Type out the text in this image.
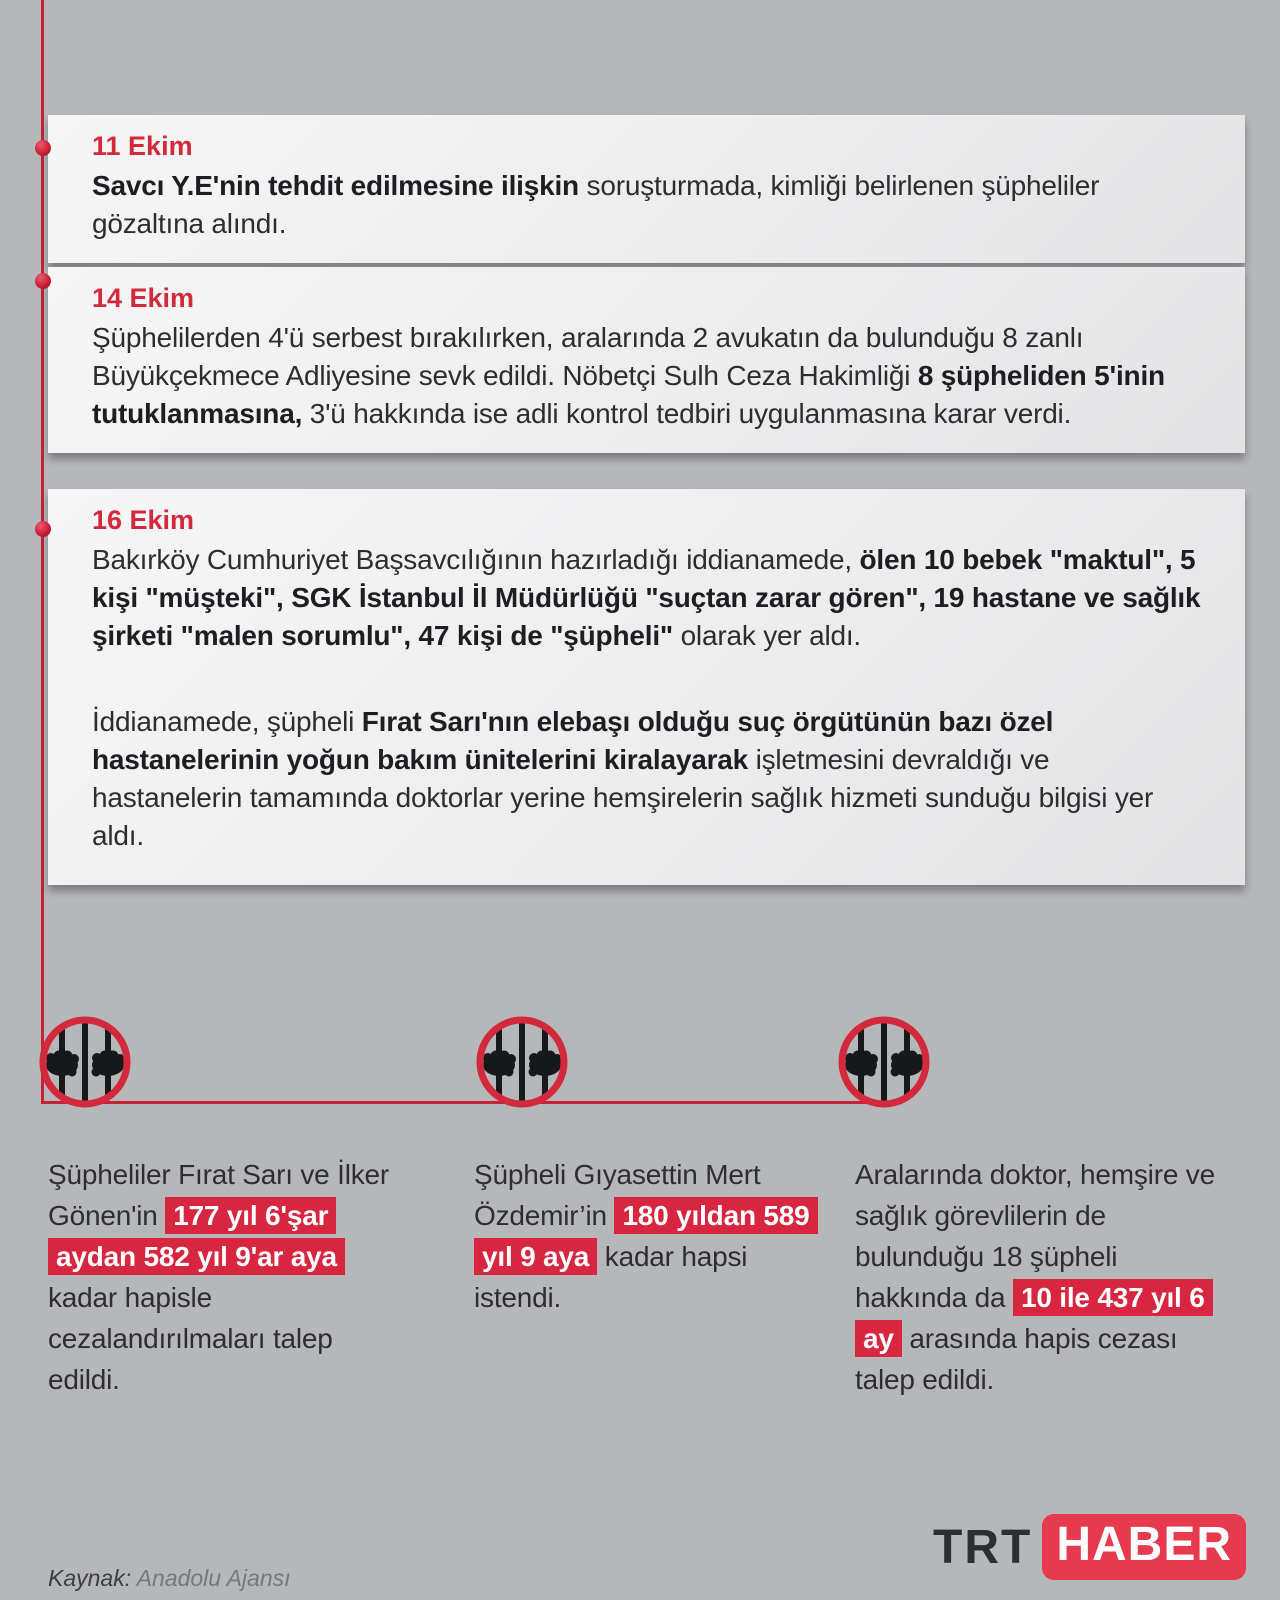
11 Ekim

Savcı Y.E'nin tehdit edilmesine ilişkin soruşturmada, kimliği belirlenen şüpheliler gözaltına alındı.

14 Ekim

Şüphelilerden 4'ü serbest bırakılırken, aralarında 2 avukatın da bulunduğu 8 zanlı Büyükçekmece Adliyesine sevk edildi. Nöbetçi Sulh Ceza Hakimliği 8 şüpheliden 5'inin tutuklanmasına, 3'ü hakkında ise adli kontrol tedbiri uygulanmasına karar verdi.

16 Ekim

Bakırköy Cumhuriyet Başsavcılığının hazırladığı iddianamede, ölen 10 bebek "maktul", 5 kişi "müşteki", SGK İstanbul İl Müdürlüğü "suçtan zarar gören", 19 hastane ve sağlık şirketi "malen sorumlu", 47 kişi de "şüpheli" olarak yer aldı.

İddianamede, şüpheli Fırat Sarı'nın elebaşı olduğu suç örgütünün bazı özel hastanelerinin yoğun bakım ünitelerini kiralayarak işletmesini devraldığı ve hastanelerin tamamında doktorlar yerine hemşirelerin sağlık hizmeti sunduğu bilgisi yer aldı.

Şüpheliler Fırat Sarı ve İlker Gönen'in 177 yıl 6'şar aydan 582 yıl 9'ar aya kadar hapisle cezalandırılmaları talep edildi.

Şüpheli Gıyasettin Mert Özdemir’in 180 yıldan 589 yıl 9 aya kadar hapsi istendi.

Aralarında doktor, hemşire ve sağlık görevlilerin de bulunduğu 18 şüpheli hakkında da 10 ile 437 yıl 6 ay arasında hapis cezası talep edildi.

Kaynak: Anadolu Ajansı

TRT HABER
